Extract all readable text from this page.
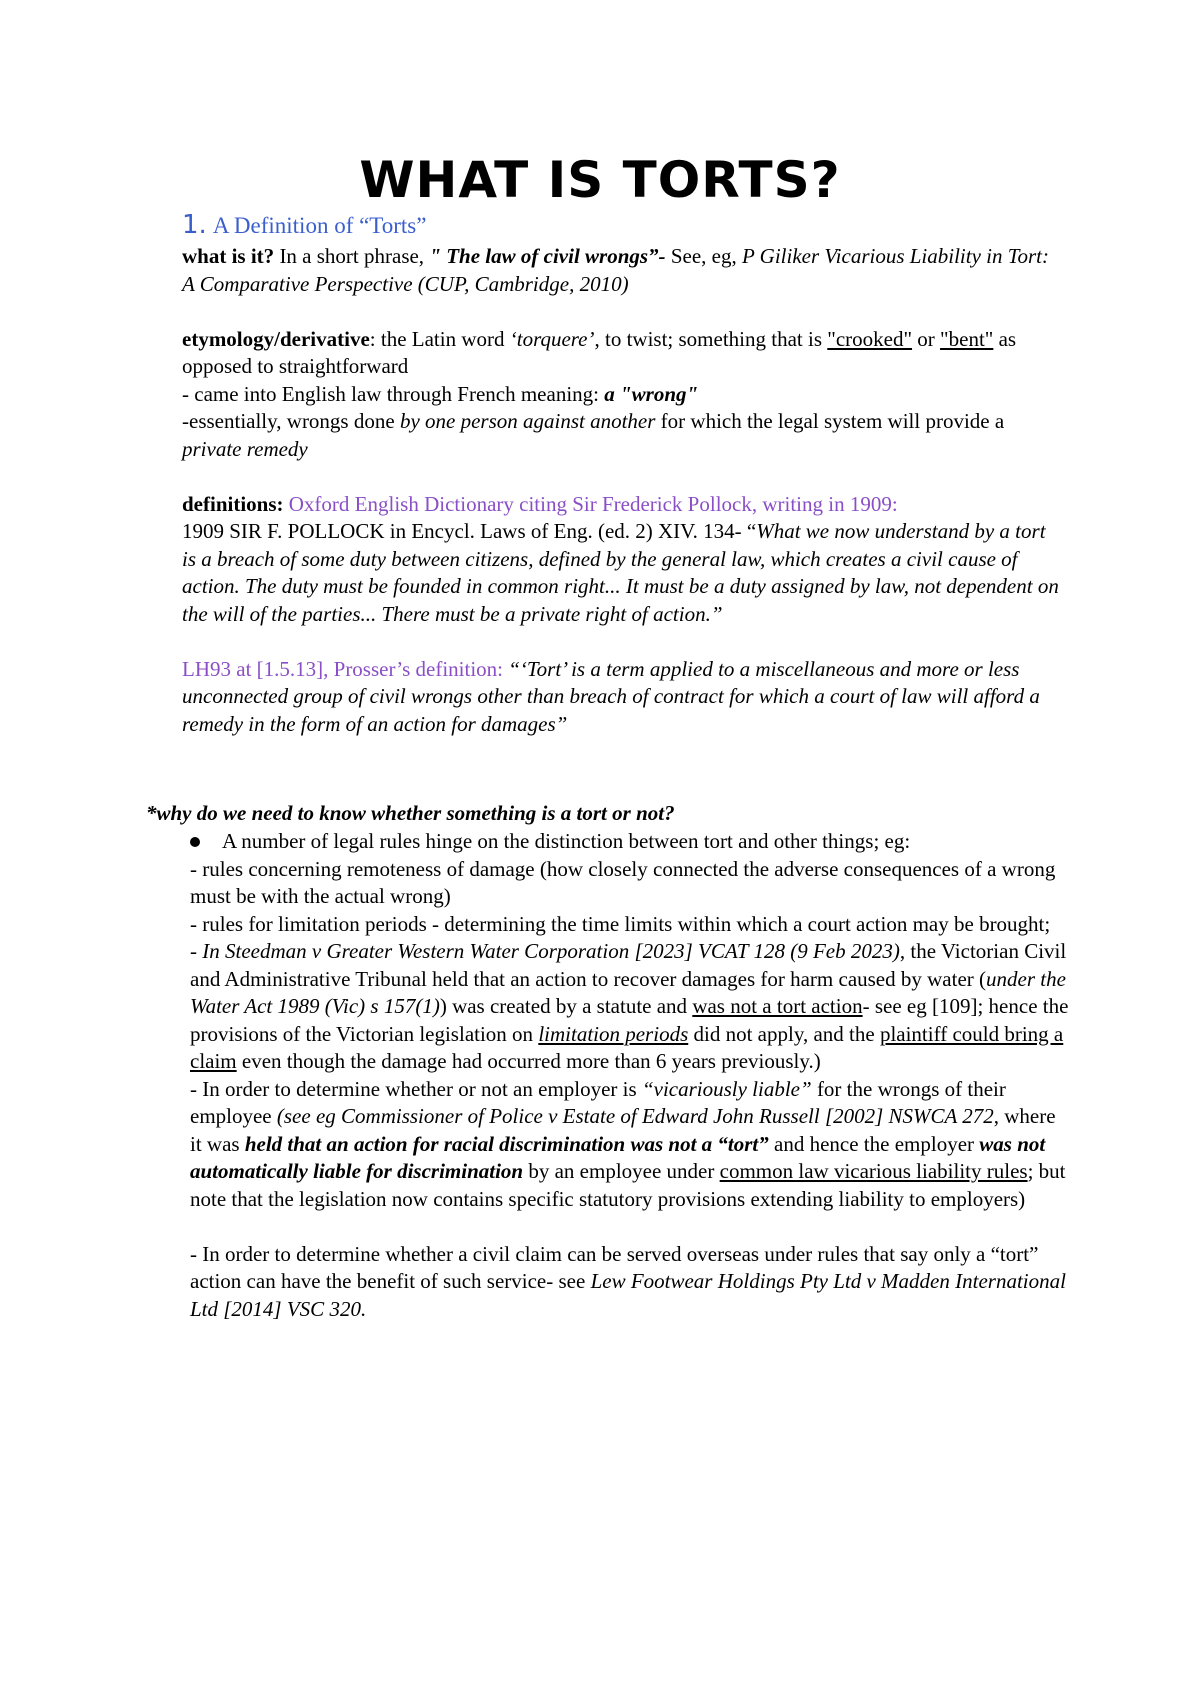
WHAT IS TORTS?
1. A Definition of “Torts”

what is it? In a short phrase, " The law of civil wrongs”- See, eg, P Giliker Vicarious Liability in Tort: A Comparative Perspective (CUP, Cambridge, 2010)

etymology/derivative: the Latin word ‘torquere’, to twist; something that is "crooked" or "bent" as opposed to straightforward

- came into English law through French meaning: a "wrong"

-essentially, wrongs done by one person against another for which the legal system will provide a private remedy

definitions: Oxford English Dictionary citing Sir Frederick Pollock, writing in 1909:

1909 SIR F. POLLOCK in Encycl. Laws of Eng. (ed. 2) XIV. 134- “What we now understand by a tort is a breach of some duty between citizens, defined by the general law, which creates a civil cause of action. The duty must be founded in common right... It must be a duty assigned by law, not dependent on the will of the parties... There must be a private right of action.”

LH93 at [1.5.13], Prosser’s definition: “‘Tort’ is a term applied to a miscellaneous and more or less unconnected group of civil wrongs other than breach of contract for which a court of law will afford a remedy in the form of an action for damages”

*why do we need to know whether something is a tort or not?

A number of legal rules hinge on the distinction between tort and other things; eg:

- rules concerning remoteness of damage (how closely connected the adverse consequences of a wrong must be with the actual wrong)

- rules for limitation periods - determining the time limits within which a court action may be brought;

- In Steedman v Greater Western Water Corporation [2023] VCAT 128 (9 Feb 2023), the Victorian Civil and Administrative Tribunal held that an action to recover damages for harm caused by water (under the Water Act 1989 (Vic) s 157(1)) was created by a statute and was not a tort action- see eg [109]; hence the provisions of the Victorian legislation on limitation periods did not apply, and the plaintiff could bring a claim even though the damage had occurred more than 6 years previously.)

- In order to determine whether or not an employer is “vicariously liable” for the wrongs of their employee (see eg Commissioner of Police v Estate of Edward John Russell [2002] NSWCA 272, where it was held that an action for racial discrimination was not a “tort” and hence the employer was not automatically liable for discrimination by an employee under common law vicarious liability rules; but note that the legislation now contains specific statutory provisions extending liability to employers)

- In order to determine whether a civil claim can be served overseas under rules that say only a “tort” action can have the benefit of such service- see Lew Footwear Holdings Pty Ltd v Madden International Ltd [2014] VSC 320.
